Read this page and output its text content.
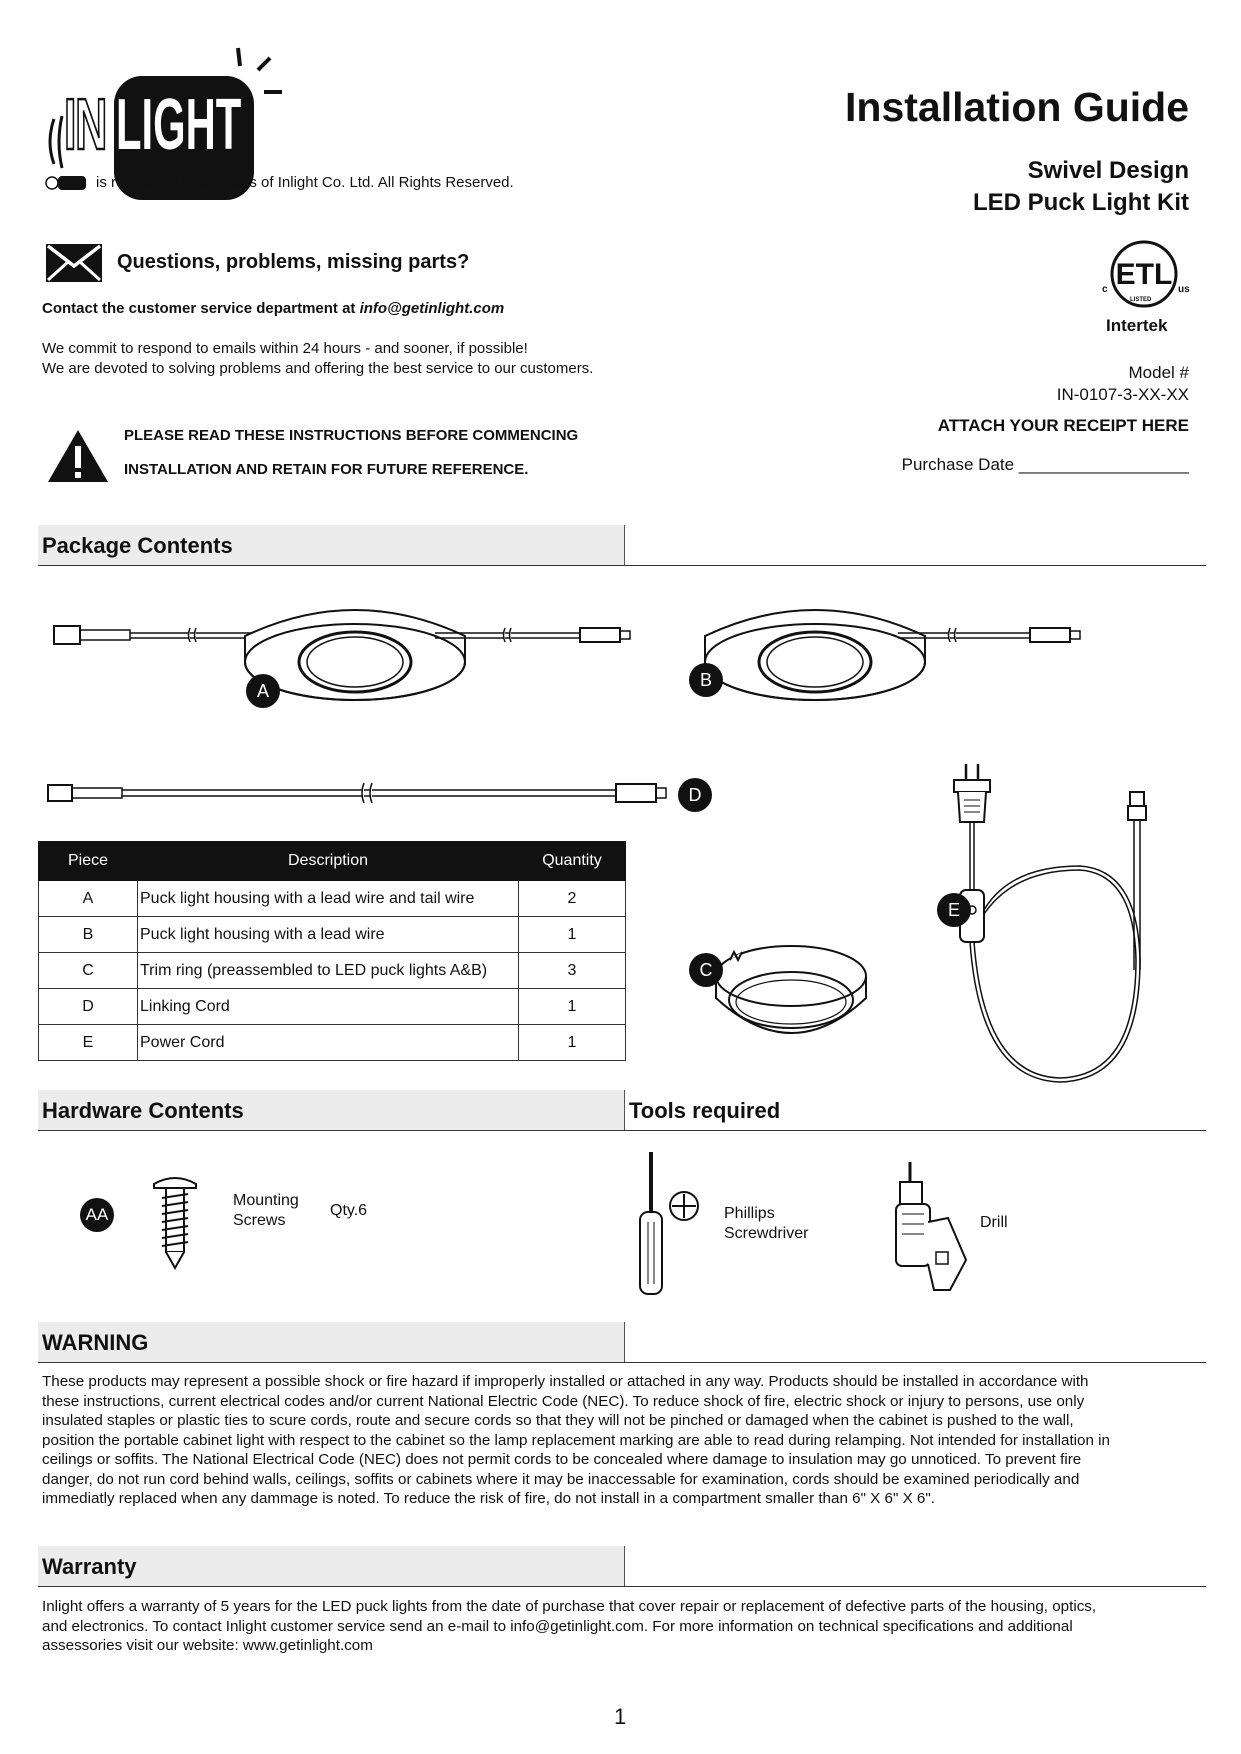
IN LIGHT
is registered trademarks of Inlight Co. Ltd. All Rights Reserved.
Installation Guide
Swivel Design
LED Puck Light Kit
ETL
c	us
LISTED
Intertek
Model #
IN-0107-3-XX-XX
ATTACH YOUR RECEIPT HERE
Purchase Date __________________
Questions, problems, missing parts?
Contact the customer service department at info@getinlight.com
We commit to respond to emails within 24 hours - and sooner, if possible!
We are devoted to solving problems and offering the best service to our customers.
PLEASE READ THESE INSTRUCTIONS BEFORE COMMENCING
INSTALLATION AND RETAIN FOR FUTURE REFERENCE.
Package Contents
A
B
D
Piece	Description	Quantity
A	Puck light housing with a lead wire and tail wire	2
B	Puck light housing with a lead wire	1
C	Trim ring (preassembled to LED puck lights A&B)	3
D	Linking Cord	1
E	Power Cord	1
C
E
Hardware Contents	Tools required
AA
Mounting
Screws
Qty.6	Phillips
Screwdriver
Drill
WARNING
These products may represent a possible shock or fire hazard if improperly installed or attached in any way. Products should be installed in accordance with
these instructions, current electrical codes and/or current National Electric Code (NEC). To reduce shock of fire, electric shock or injury to persons, use only
insulated staples or plastic ties to scure cords, route and secure cords so that they will not be pinched or damaged when the cabinet is pushed to the wall,
position the portable cabinet light with respect to the cabinet so the lamp replacement marking are able to read during relamping. Not intended for installation in
ceilings or soffits. The National Electrical Code (NEC) does not permit cords to be concealed where damage to insulation may go unnoticed. To prevent fire
danger, do not run cord behind walls, ceilings, soffits or cabinets where it may be inaccessable for examination, cords should be examined periodically and
immediatly replaced when any dammage is noted. To reduce the risk of fire, do not install in a compartment smaller than 6" X 6" X 6".
Warranty
Inlight offers a warranty of 5 years for the LED puck lights from the date of purchase that cover repair or replacement of defective parts of the housing, optics,
and electronics. To contact Inlight customer service send an e-mail to info@getinlight.com. For more information on technical specifications and additional
assessories visit our website: www.getinlight.com
1
